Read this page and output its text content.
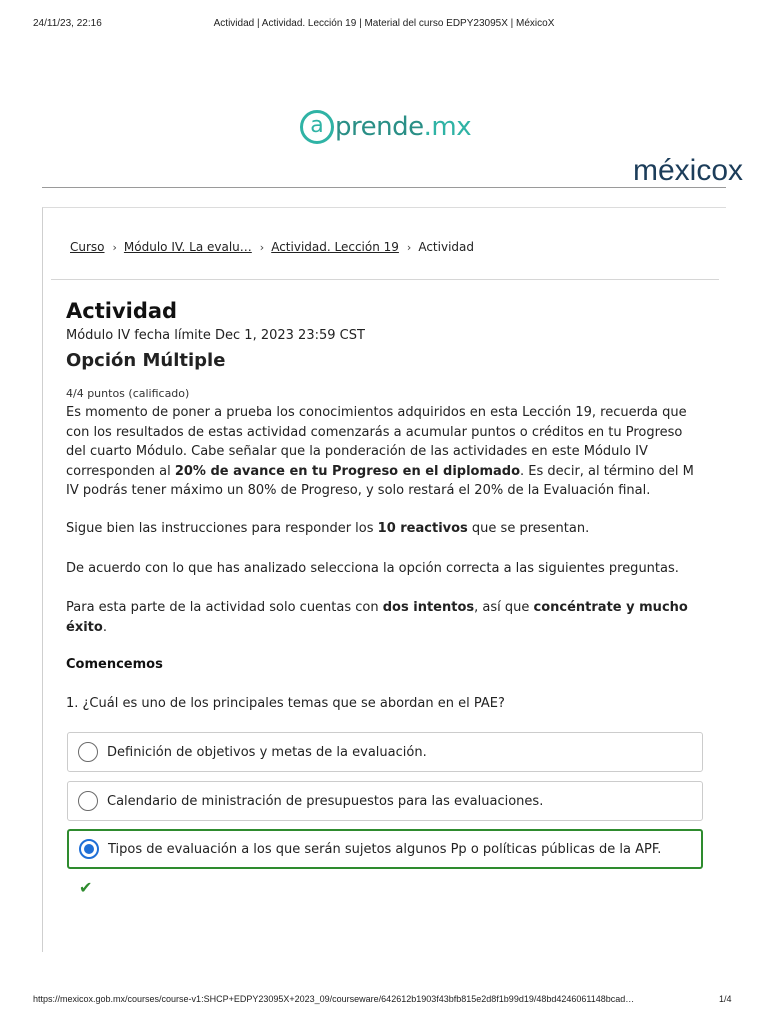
24/11/23, 22:16	Actividad | Actividad. Lección 19 | Material del curso EDPY23095X | MéxicoX
a prende.mx
méxicox
Curso › Módulo IV. La evalu… › Actividad. Lección 19 › Actividad
Actividad
Módulo IV fecha límite Dec 1, 2023 23:59 CST
Opción Múltiple
4/4 puntos (calificado)

Es momento de poner a prueba los conocimientos adquiridos en esta Lección 19, recuerda que con los resultados de estas actividad comenzarás a acumular puntos o créditos en tu Progreso del cuarto Módulo. Cabe señalar que la ponderación de las actividades en este Módulo IV corresponden al 20% de avance en tu Progreso en el diplomado. Es decir, al término del M IV podrás tener máximo un 80% de Progreso, y solo restará el 20% de la Evaluación final.

Sigue bien las instrucciones para responder los 10 reactivos que se presentan.

De acuerdo con lo que has analizado selecciona la opción correcta a las siguientes preguntas.

Para esta parte de la actividad solo cuentas con dos intentos, así que concéntrate y mucho éxito.

Comencemos
1. ¿Cuál es uno de los principales temas que se abordan en el PAE?
Definición de objetivos y metas de la evaluación.
Calendario de ministración de presupuestos para las evaluaciones.
Tipos de evaluación a los que serán sujetos algunos Pp o políticas públicas de la APF.
✔
https://mexicox.gob.mx/courses/course-v1:SHCP+EDPY23095X+2023_09/courseware/642612b1903f43bfb815e2d8f1b99d19/48bd4246061148bcad…	1/4
